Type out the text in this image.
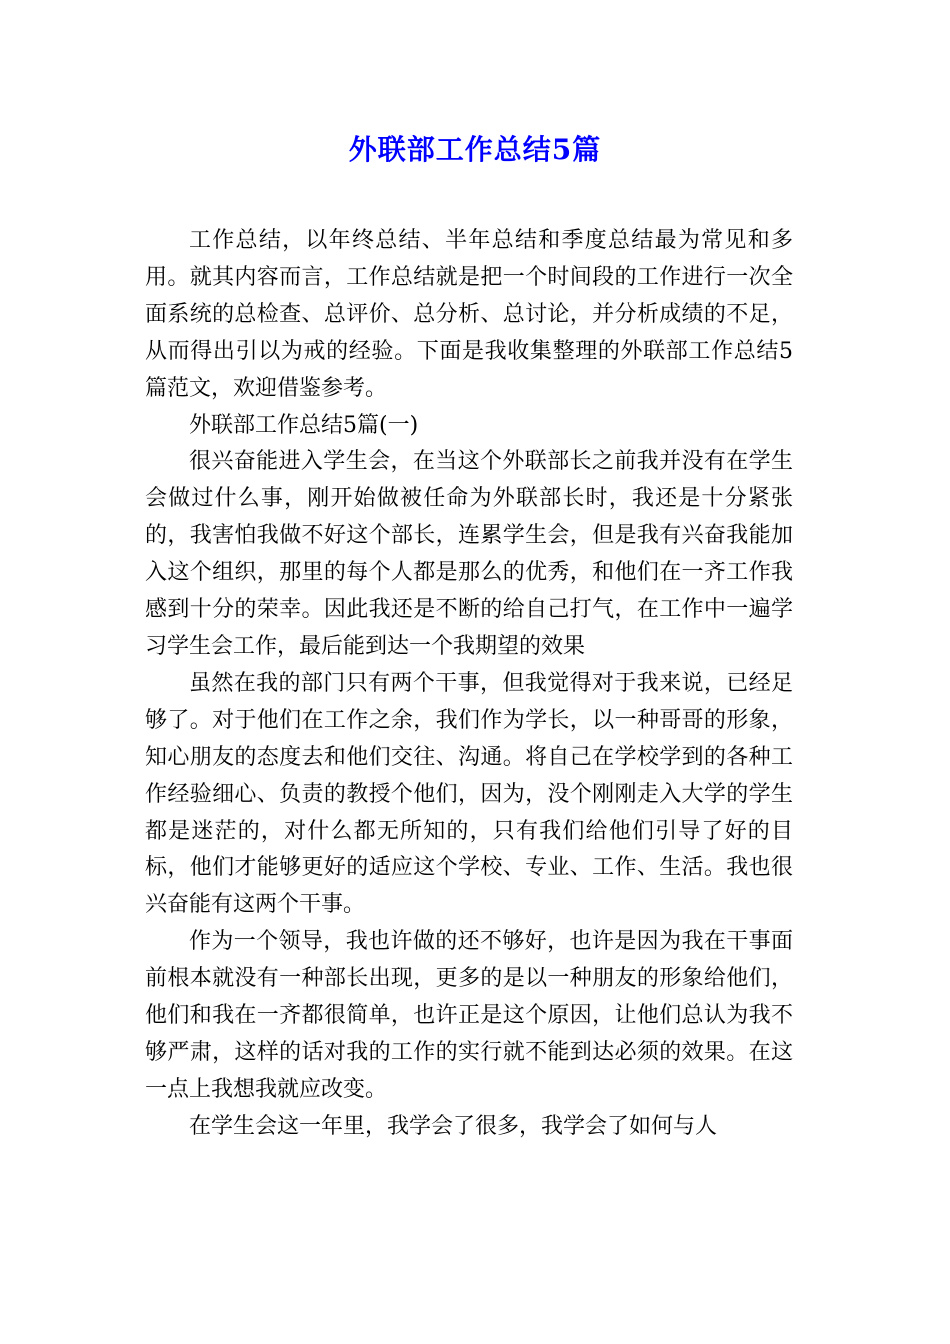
外联部工作总结5篇

工作总结，以年终总结、半年总结和季度总结最为常见和多用。就其内容而言，工作总结就是把一个时间段的工作进行一次全面系统的总检查、总评价、总分析、总讨论，并分析成绩的不足，从而得出引以为戒的经验。下面是我收集整理的外联部工作总结5篇范文，欢迎借鉴参考。

外联部工作总结5篇(一)

很兴奋能进入学生会，在当这个外联部长之前我并没有在学生会做过什么事，刚开始做被任命为外联部长时，我还是十分紧张的，我害怕我做不好这个部长，连累学生会，但是我有兴奋我能加入这个组织，那里的每个人都是那么的优秀，和他们在一齐工作我感到十分的荣幸。因此我还是不断的给自己打气，在工作中一遍学习学生会工作，最后能到达一个我期望的效果

虽然在我的部门只有两个干事，但我觉得对于我来说，已经足够了。对于他们在工作之余，我们作为学长，以一种哥哥的形象，知心朋友的态度去和他们交往、沟通。将自己在学校学到的各种工作经验细心、负责的教授个他们，因为，没个刚刚走入大学的学生都是迷茫的，对什么都无所知的，只有我们给他们引导了好的目标，他们才能够更好的适应这个学校、专业、工作、生活。我也很兴奋能有这两个干事。

作为一个领导，我也许做的还不够好，也许是因为我在干事面前根本就没有一种部长出现，更多的是以一种朋友的形象给他们，他们和我在一齐都很简单，也许正是这个原因，让他们总认为我不够严肃，这样的话对我的工作的实行就不能到达必须的效果。在这一点上我想我就应改变。

在学生会这一年里，我学会了很多，我学会了如何与人
